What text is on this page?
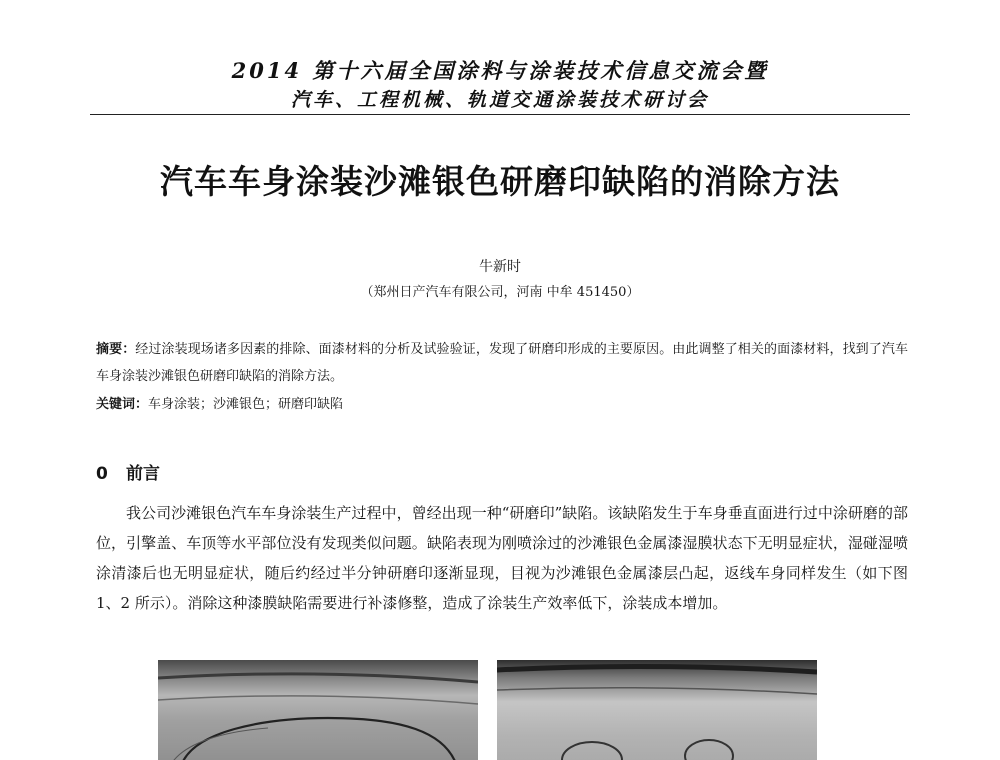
2014 第十六届全国涂料与涂装技术信息交流会暨
汽车、工程机械、轨道交通涂装技术研讨会
汽车车身涂装沙滩银色研磨印缺陷的消除方法
牛新时
（郑州日产汽车有限公司，河南 中牟 451450）
摘要：经过涂装现场诸多因素的排除、面漆材料的分析及试验验证，发现了研磨印形成的主要原因。由此调整了相关的面漆材料，找到了汽车车身涂装沙滩银色研磨印缺陷的消除方法。
关键词：车身涂装；沙滩银色；研磨印缺陷
0 前言
我公司沙滩银色汽车车身涂装生产过程中，曾经出现一种“研磨印”缺陷。该缺陷发生于车身垂直面进行过中涂研磨的部位，引擎盖、车顶等水平部位没有发现类似问题。缺陷表现为刚喷涂过的沙滩银色金属漆湿膜状态下无明显症状，湿碰湿喷涂清漆后也无明显症状，随后约经过半分钟研磨印逐渐显现，目视为沙滩银色金属漆层凸起，返线车身同样发生（如下图 1、2 所示）。消除这种漆膜缺陷需要进行补漆修整，造成了涂装生产效率低下，涂装成本增加。
